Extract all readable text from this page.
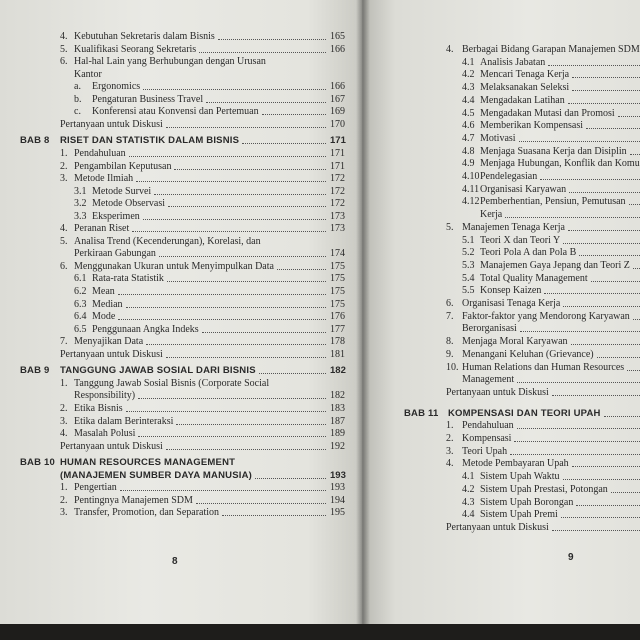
4. Kebutuhan Sekretaris dalam Bisnis	165
5. Kualifikasi Seorang Sekretaris	166
6. Hal-hal Lain yang Berhubungan dengan Urusan
Kantor
a. Ergonomics	166
b. Pengaturan Business Travel	167
c. Konferensi atau Konvensi dan Pertemuan	169
Pertanyaan untuk Diskusi	170
BAB 8 RISET DAN STATISTIK DALAM BISNIS	171
1. Pendahuluan	171
2. Pengambilan Keputusan	171
3. Metode Ilmiah	172
3.1 Metode Survei	172
3.2 Metode Observasi	172
3.3 Eksperimen	173
4. Peranan Riset	173
5. Analisa Trend (Kecenderungan), Korelasi, dan
Perkiraan Gabungan	174
6. Menggunakan Ukuran untuk Menyimpulkan Data	175
6.1 Rata-rata Statistik	175
6.2 Mean	175
6.3 Median	175
6.4 Mode	176
6.5 Penggunaan Angka Indeks	177
7. Menyajikan Data	178
Pertanyaan untuk Diskusi	181
BAB 9 TANGGUNG JAWAB SOSIAL DARI BISNIS	182
1. Tanggung Jawab Sosial Bisnis (Corporate Social
Responsibility)	182
2. Etika Bisnis	183
3. Etika dalam Berinteraksi	187
4. Masalah Polusi	189
Pertanyaan untuk Diskusi	192
BAB 10 HUMAN RESOURCES MANAGEMENT
(MANAJEMEN SUMBER DAYA MANUSIA)	193
1. Pengertian	193
2. Pentingnya Manajemen SDM	194
3. Transfer, Promotion, dan Separation	195
8
4. Berbagai Bidang Garapan Manajemen SDM
4.1 Analisis Jabatan
4.2 Mencari Tenaga Kerja
4.3 Melaksanakan Seleksi
4.4 Mengadakan Latihan
4.5 Mengadakan Mutasi dan Promosi
4.6 Memberikan Kompensasi
4.7 Motivasi
4.8 Menjaga Suasana Kerja dan Disiplin
4.9 Menjaga Hubungan, Konflik dan Komu
4.10 Pendelegasian
4.11 Organisasi Karyawan
4.12 Pemberhentian, Pensiun, Pemutusan
Kerja
5. Manajemen Tenaga Kerja
5.1 Teori X dan Teori Y
5.2 Teori Pola A dan Pola B
5.3 Manajemen Gaya Jepang dan Teori Z
5.4 Total Quality Management
5.5 Konsep Kaizen
6. Organisasi Tenaga Kerja
7. Faktor-faktor yang Mendorong Karyawan
Berorganisasi
8. Menjaga Moral Karyawan
9. Menangani Keluhan (Grievance)
10. Human Relations dan Human Resources
Management
Pertanyaan untuk Diskusi
BAB 11 KOMPENSASI DAN TEORI UPAH
1. Pendahuluan
2. Kompensasi
3. Teori Upah
4. Metode Pembayaran Upah
4.1 Sistem Upah Waktu
4.2 Sistem Upah Prestasi, Potongan
4.3 Sistem Upah Borongan
4.4 Sistem Upah Premi
Pertanyaan untuk Diskusi
9
